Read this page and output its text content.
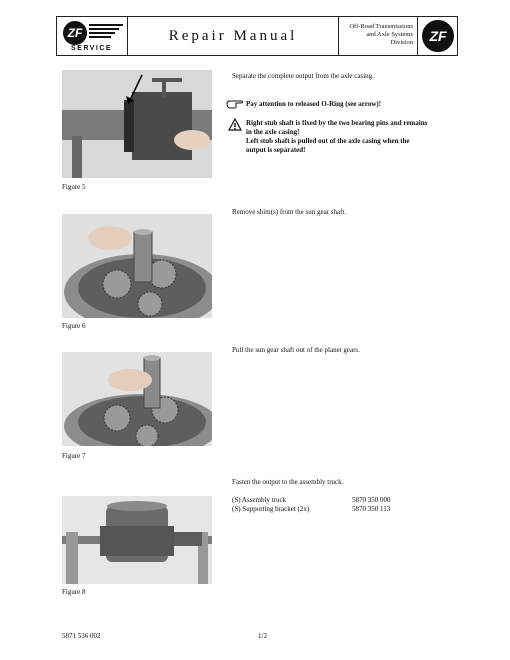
ZF
SERVICE
Repair Manual
Off-Road Transmissions
and Axle Systems
Division	ZF
Separate the complete output from the axle casing.
Pay attention to released O-Ring (see arrow)!
Right stub shaft is fixed by the two bearing pins and remains
in the axle casing!
Left stub shaft is pulled out of the axle casing when the
output is separated!
Figure 5
Remove shim(s) from the sun gear shaft.
Figure 6
Pull the sun gear shaft out of the planet gears.
Figure 7
Fasten the output to the assembly truck.
(S) Assembly truck	5870 350 000
(S) Supporting bracket (2x)	5870 350 113
Figure 8
5871 536 002	1/2
